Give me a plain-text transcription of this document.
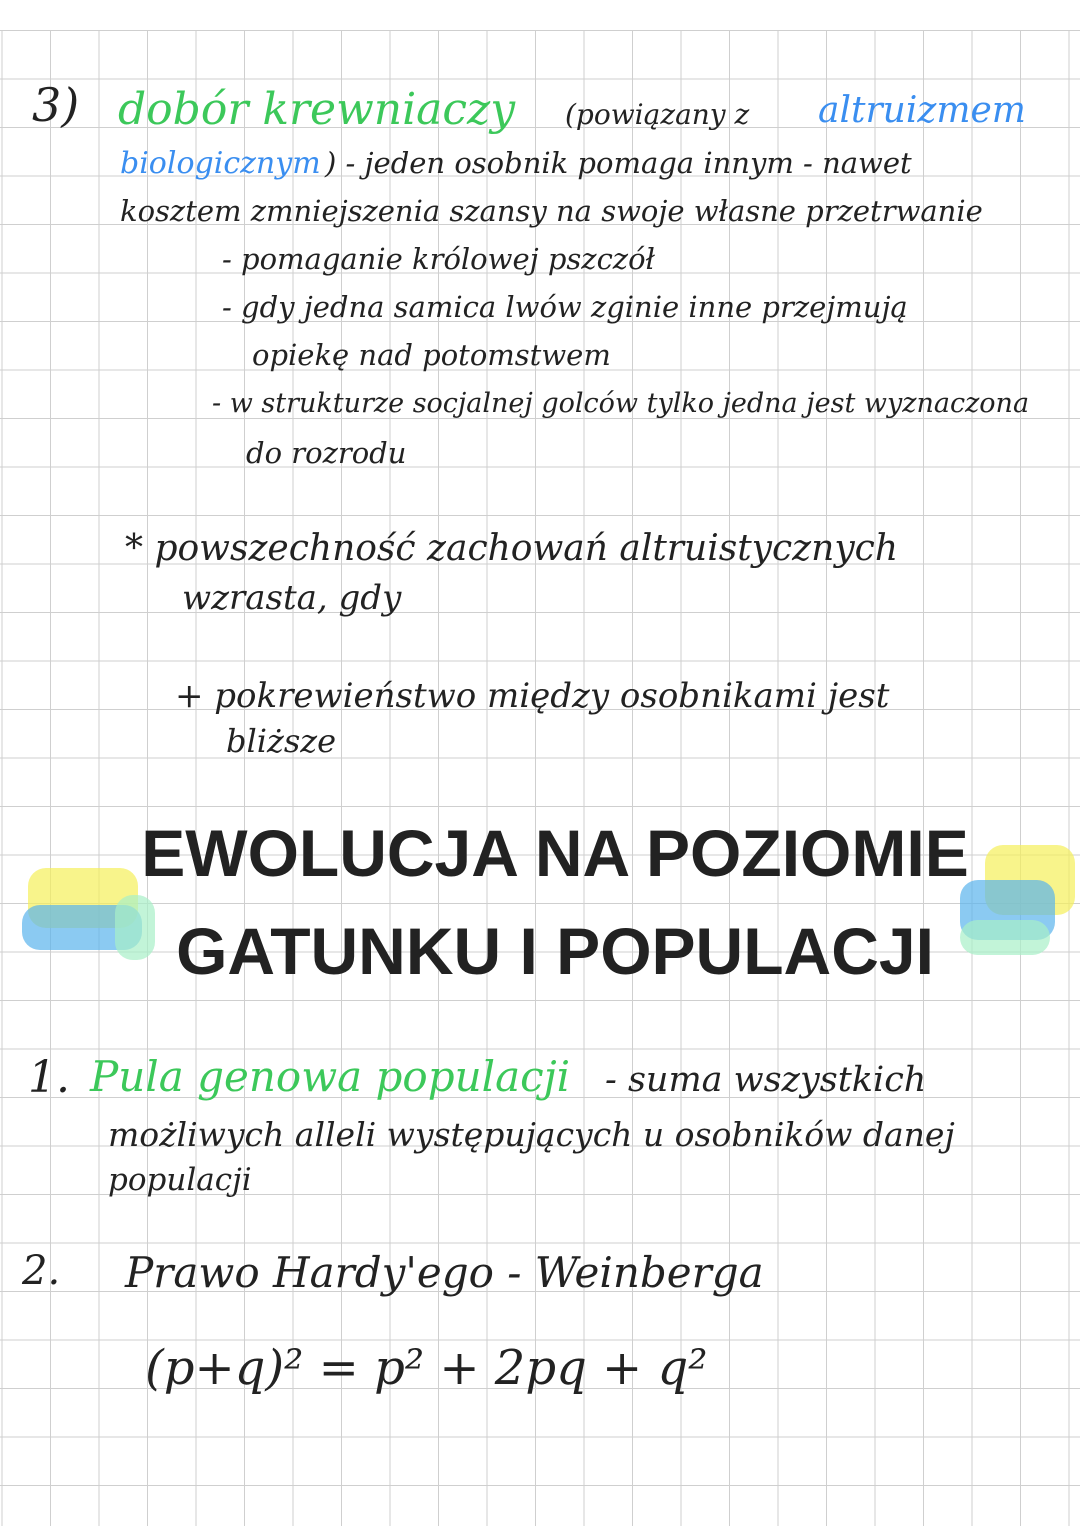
3) dobór krewniaczy (powiązany z altruizmem
biologicznym ) - jeden osobnik pomaga innym - nawet
kosztem zmniejszenia szansy na swoje własne przetrwanie
- pomaganie królowej pszczół
- gdy jedna samica lwów zginie inne przejmują
opiekę nad potomstwem
- w strukturze socjalnej golców tylko jedna jest wyznaczona
do rozrodu
* powszechność zachowań altruistycznych
wzrasta, gdy
+ pokrewieństwo między osobnikami jest
bliższe
EWOLUCJA NA POZIOMIE
GATUNKU I POPULACJI
1. Pula genowa populacji - suma wszystkich
możliwych alleli występujących u osobników danej
populacji
2. Prawo Hardy'ego - Weinberga
(p+q)² = p² + 2pq + q²
